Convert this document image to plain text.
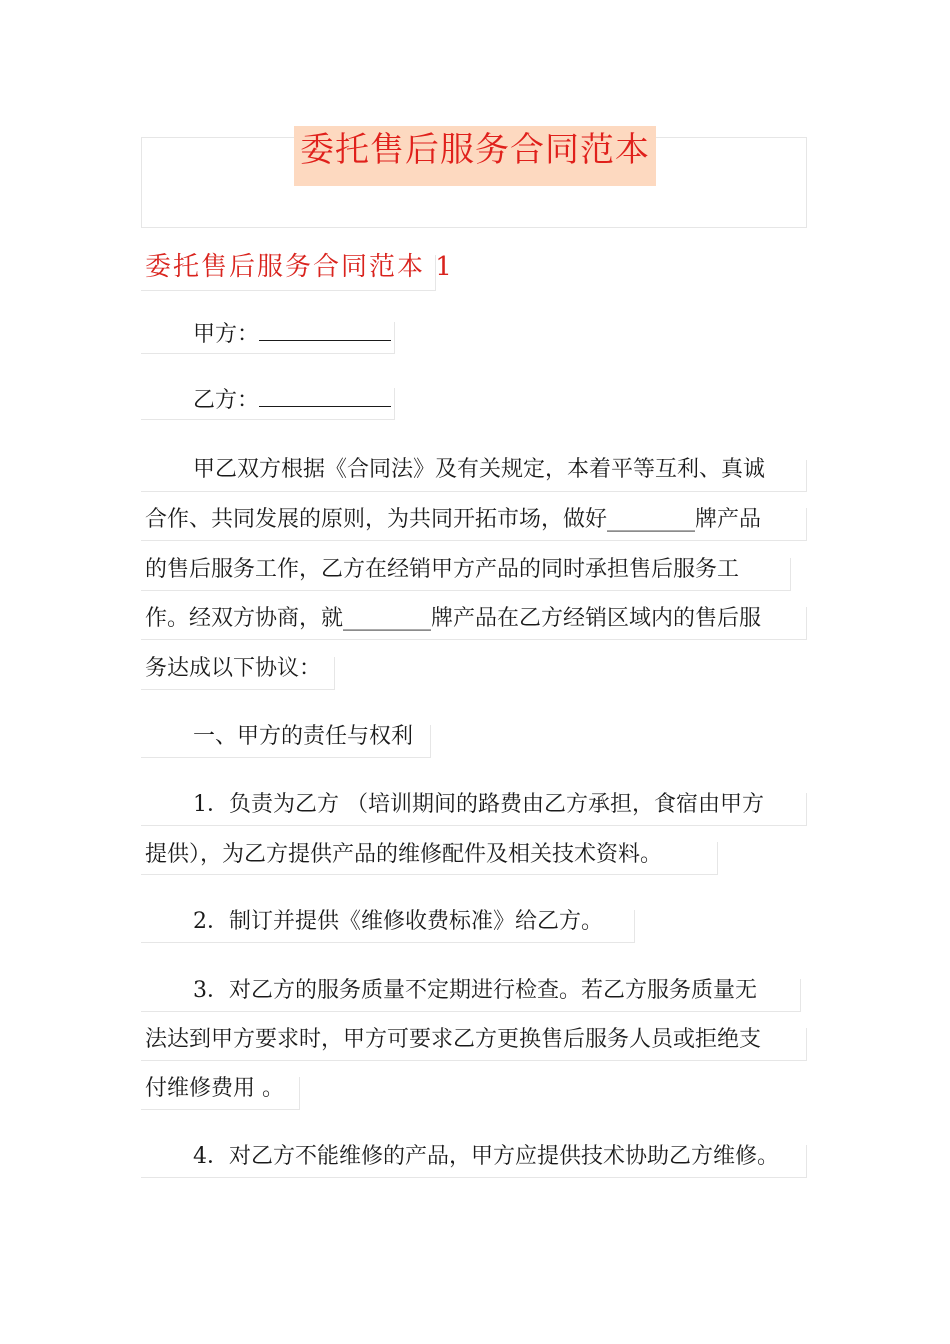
委托售后服务合同范本
委托售后服务合同范本 1
甲方：
乙方：
甲乙双方根据《合同法》及有关规定，本着平等互利、真诚
合作、共同发展的原则，为共同开拓市场，做好________牌产品
的售后服务工作，乙方在经销甲方产品的同时承担售后服务工
作。经双方协商，就________牌产品在乙方经销区域内的售后服
务达成以下协议：
一、甲方的责任与权利
1．负责为乙方 （培训期间的路费由乙方承担，食宿由甲方
提供），为乙方提供产品的维修配件及相关技术资料。
2．制订并提供《维修收费标准》给乙方。
3．对乙方的服务质量不定期进行检查。若乙方服务质量无
法达到甲方要求时，甲方可要求乙方更换售后服务人员或拒绝支
付维修费用 。
4．对乙方不能维修的产品，甲方应提供技术协助乙方维修。
